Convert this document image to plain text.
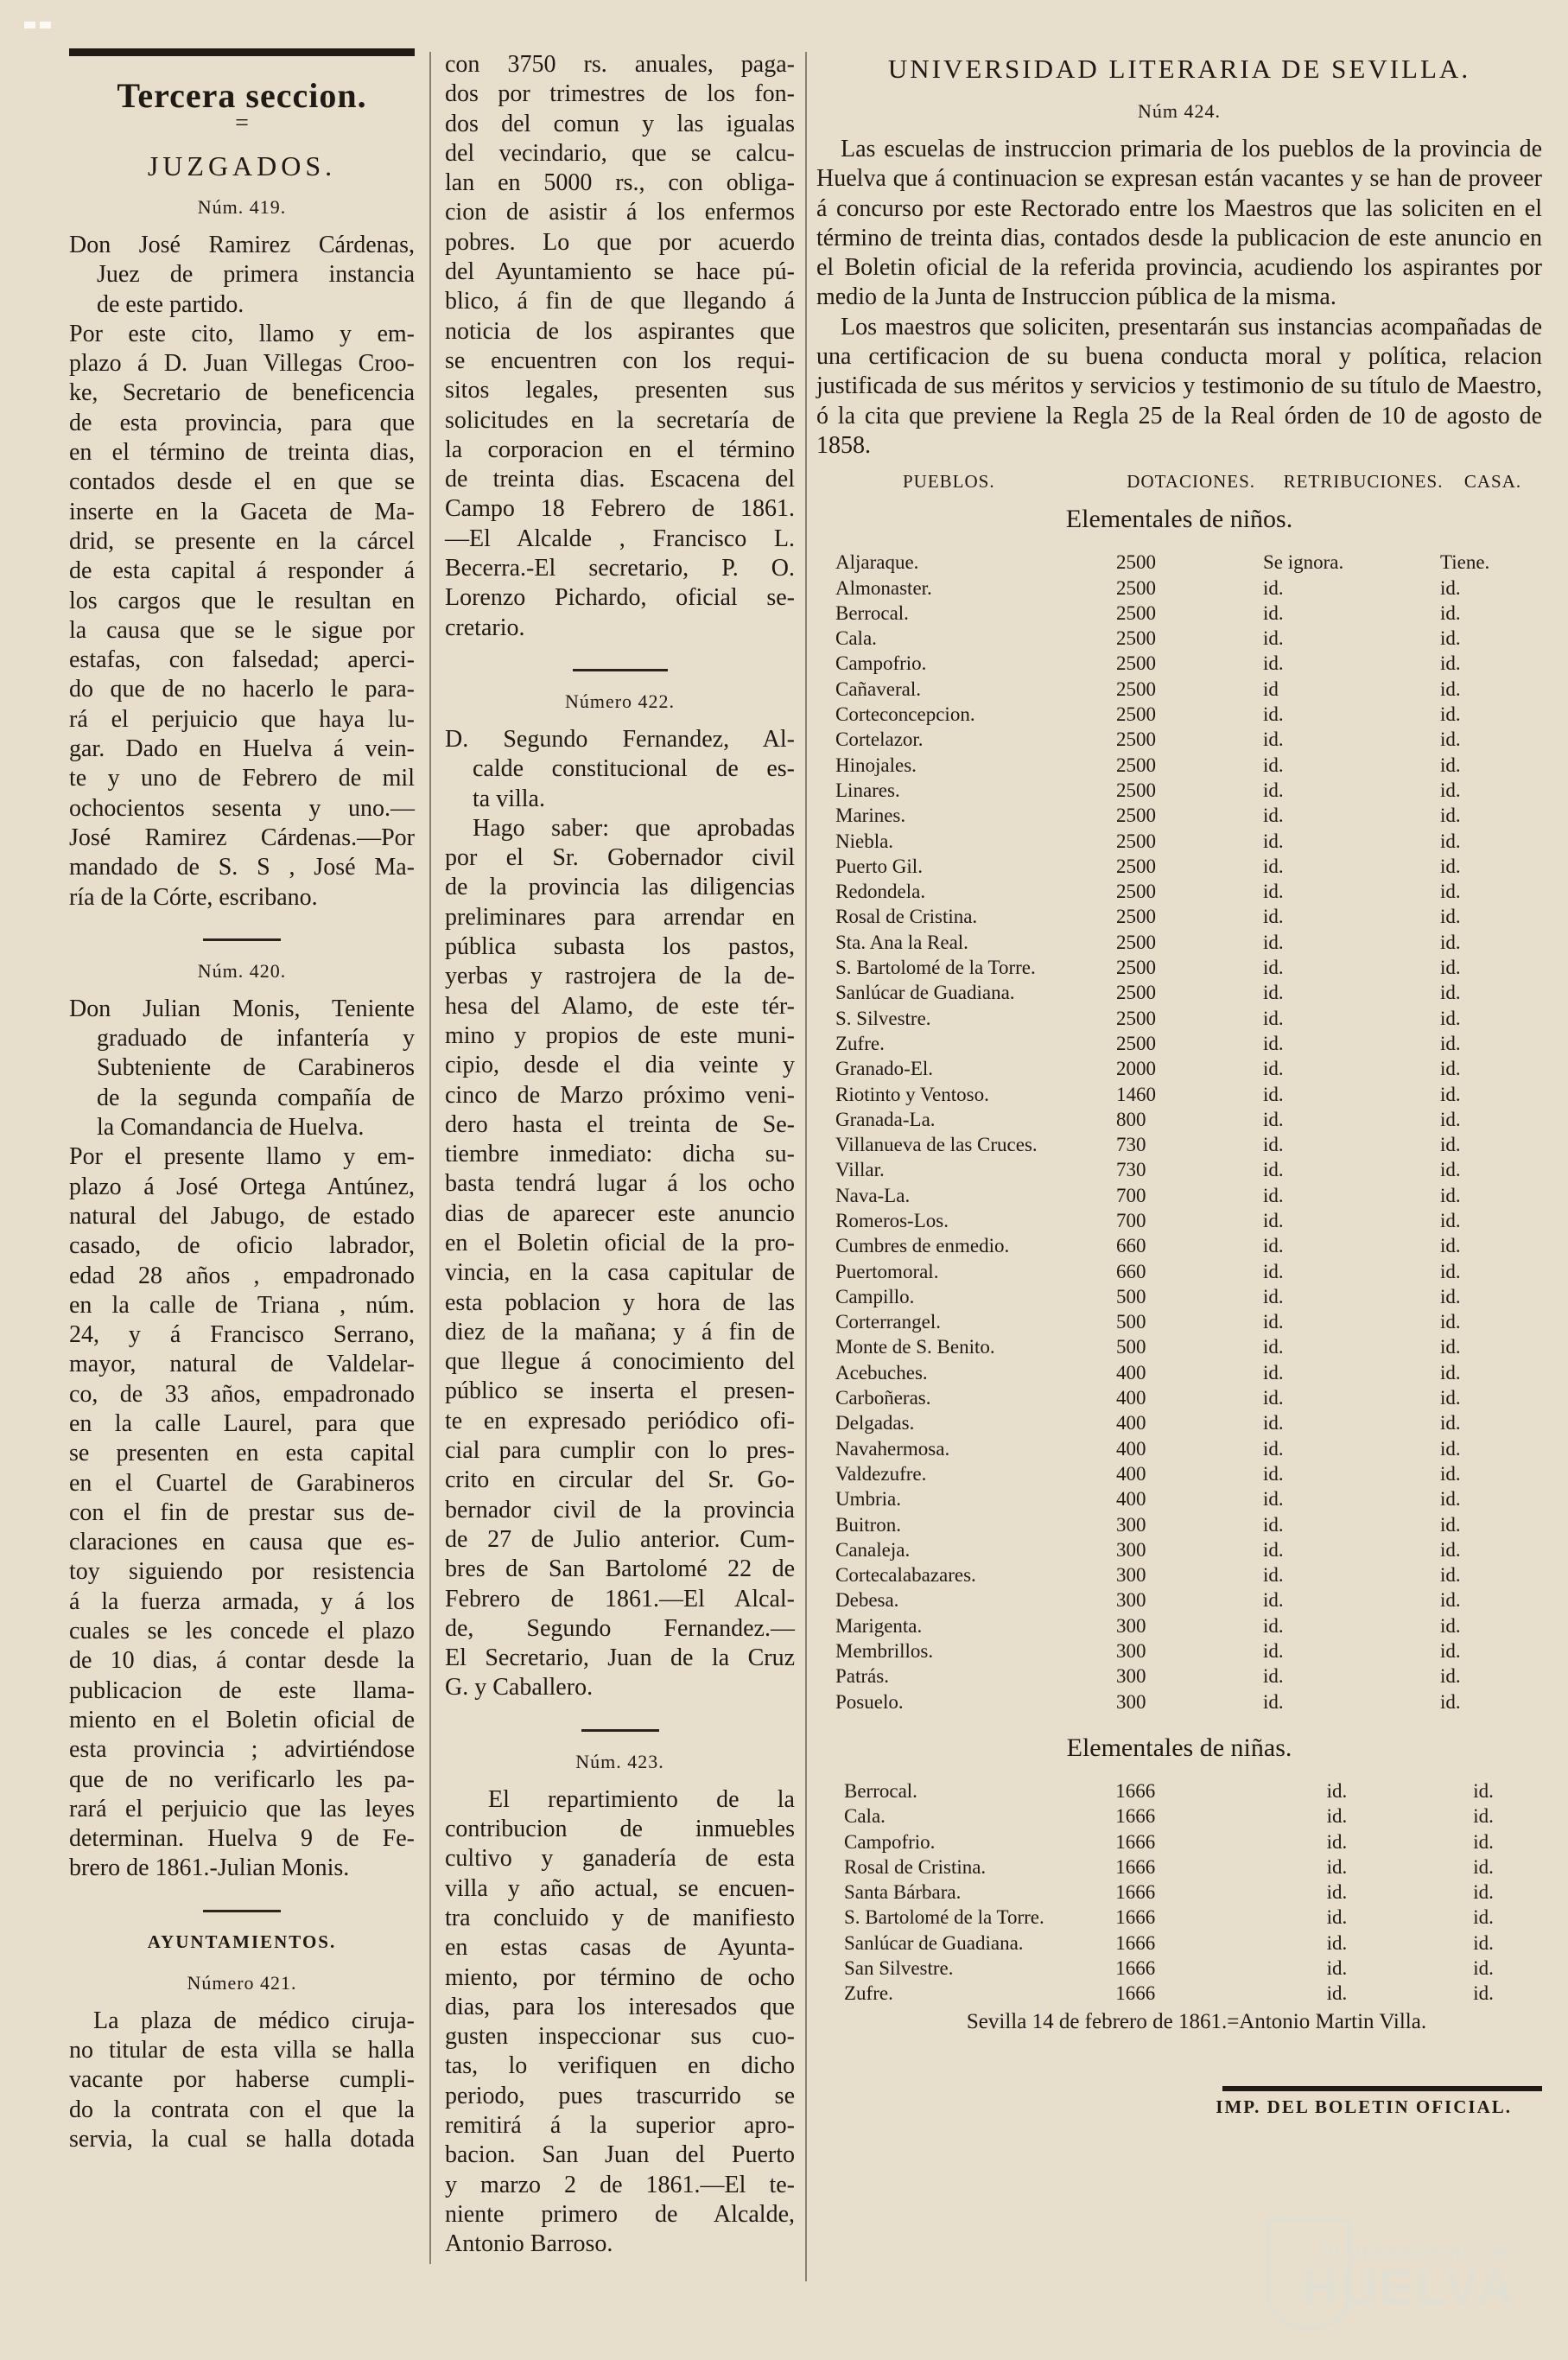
Tercera seccion.
=
JUZGADOS.
Núm. 419.

Don José Ramirez Cárdenas,

Juez de primera instancia

de este partido.

Por este cito, llamo y em-

plazo á D. Juan Villegas Croo-

ke, Secretario de beneficencia

de esta provincia, para que

en el término de treinta dias,

contados desde el en que se

inserte en la Gaceta de Ma-

drid, se presente en la cárcel

de esta capital á responder á

los cargos que le resultan en

la causa que se le sigue por

estafas, con falsedad; aperci-

do que de no hacerlo le para-

rá el perjuicio que haya lu-

gar. Dado en Huelva á vein-

te y uno de Febrero de mil

ochocientos sesenta y uno.—

José Ramirez Cárdenas.—Por

mandado de S. S , José Ma-

ría de la Córte, escribano.

Núm. 420.

Don Julian Monis, Teniente

graduado de infantería y

Subteniente de Carabineros

de la segunda compañía de

la Comandancia de Huelva.

Por el presente llamo y em-

plazo á José Ortega Antúnez,

natural del Jabugo, de estado

casado, de oficio labrador,

edad 28 años , empadronado

en la calle de Triana , núm.

24, y á Francisco Serrano,

mayor, natural de Valdelar-

co, de 33 años, empadronado

en la calle Laurel, para que

se presenten en esta capital

en el Cuartel de Garabineros

con el fin de prestar sus de-

claraciones en causa que es-

toy siguiendo por resistencia

á la fuerza armada, y á los

cuales se les concede el plazo

de 10 dias, á contar desde la

publicacion de este llama-

miento en el Boletin oficial de

esta provincia ; advirtiéndose

que de no verificarlo les pa-

rará el perjuicio que las leyes

determinan. Huelva 9 de Fe-

brero de 1861.-Julian Monis.

AYUNTAMIENTOS.
Número 421.

La plaza de médico ciruja-

no titular de esta villa se halla

vacante por haberse cumpli-

do la contrata con el que la

servia, la cual se halla dotada

con 3750 rs. anuales, paga-

dos por trimestres de los fon-

dos del comun y las igualas

del vecindario, que se calcu-

lan en 5000 rs., con obliga-

cion de asistir á los enfermos

pobres. Lo que por acuerdo

del Ayuntamiento se hace pú-

blico, á fin de que llegando á

noticia de los aspirantes que

se encuentren con los requi-

sitos legales, presenten sus

solicitudes en la secretaría de

la corporacion en el término

de treinta dias. Escacena del

Campo 18 Febrero de 1861.

—El Alcalde , Francisco L.

Becerra.-El secretario, P. O.

Lorenzo Pichardo, oficial se-

cretario.

Número 422.

D. Segundo Fernandez, Al-

calde constitucional de es-

ta villa.

Hago saber: que aprobadas

por el Sr. Gobernador civil

de la provincia las diligencias

preliminares para arrendar en

pública subasta los pastos,

yerbas y rastrojera de la de-

hesa del Alamo, de este tér-

mino y propios de este muni-

cipio, desde el dia veinte y

cinco de Marzo próximo veni-

dero hasta el treinta de Se-

tiembre inmediato: dicha su-

basta tendrá lugar á los ocho

dias de aparecer este anuncio

en el Boletin oficial de la pro-

vincia, en la casa capitular de

esta poblacion y hora de las

diez de la mañana; y á fin de

que llegue á conocimiento del

público se inserta el presen-

te en expresado periódico ofi-

cial para cumplir con lo pres-

crito en circular del Sr. Go-

bernador civil de la provincia

de 27 de Julio anterior. Cum-

bres de San Bartolomé 22 de

Febrero de 1861.—El Alcal-

de, Segundo Fernandez.—

El Secretario, Juan de la Cruz

G. y Caballero.

Núm. 423.

El repartimiento de la

contribucion de inmuebles

cultivo y ganadería de esta

villa y año actual, se encuen-

tra concluido y de manifiesto

en estas casas de Ayunta-

miento, por término de ocho

dias, para los interesados que

gusten inspeccionar sus cuo-

tas, lo verifiquen en dicho

periodo, pues trascurrido se

remitirá á la superior apro-

bacion. San Juan del Puerto

y marzo 2 de 1861.—El te-

niente primero de Alcalde,

Antonio Barroso.

UNIVERSIDAD LITERARIA DE SEVILLA.
Núm 424.

Las escuelas de instruccion primaria de los pueblos de la provincia de Huelva que á continuacion se expresan están vacantes y se han de proveer á concurso por este Rectorado entre los Maestros que las soliciten en el término de treinta dias, contados desde la publicacion de este anuncio en el Boletin oficial de la referida provincia, acudiendo los aspirantes por medio de la Junta de Instruccion pública de la misma.

Los maestros que soliciten, presentarán sus instancias acompañadas de una certificacion de su buena conducta moral y política, relacion justificada de sus méritos y servicios y testimonio de su título de Maestro, ó la cita que previene la Regla 25 de la Real órden de 10 de agosto de 1858.

PUEBLOS.	DOTACIONES.	RETRIBUCIONES.	CASA.
Elementales de niños.
Aljaraque.	2500	Se ignora.	Tiene.
Almonaster.	2500	id.	id.
Berrocal.	2500	id.	id.
Cala.	2500	id.	id.
Campofrio.	2500	id.	id.
Cañaveral.	2500	id	id.
Corteconcepcion.	2500	id.	id.
Cortelazor.	2500	id.	id.
Hinojales.	2500	id.	id.
Linares.	2500	id.	id.
Marines.	2500	id.	id.
Niebla.	2500	id.	id.
Puerto Gil.	2500	id.	id.
Redondela.	2500	id.	id.
Rosal de Cristina.	2500	id.	id.
Sta. Ana la Real.	2500	id.	id.
S. Bartolomé de la Torre.	2500	id.	id.
Sanlúcar de Guadiana.	2500	id.	id.
S. Silvestre.	2500	id.	id.
Zufre.	2500	id.	id.
Granado-El.	2000	id.	id.
Riotinto y Ventoso.	1460	id.	id.
Granada-La.	800	id.	id.
Villanueva de las Cruces.	730	id.	id.
Villar.	730	id.	id.
Nava-La.	700	id.	id.
Romeros-Los.	700	id.	id.
Cumbres de enmedio.	660	id.	id.
Puertomoral.	660	id.	id.
Campillo.	500	id.	id.
Corterrangel.	500	id.	id.
Monte de S. Benito.	500	id.	id.
Acebuches.	400	id.	id.
Carboñeras.	400	id.	id.
Delgadas.	400	id.	id.
Navahermosa.	400	id.	id.
Valdezufre.	400	id.	id.
Umbria.	400	id.	id.
Buitron.	300	id.	id.
Canaleja.	300	id.	id.
Cortecalabazares.	300	id.	id.
Debesa.	300	id.	id.
Marigenta.	300	id.	id.
Membrillos.	300	id.	id.
Patrás.	300	id.	id.
Posuelo.	300	id.	id.
Elementales de niñas.
Berrocal.	1666	id.	id.
Cala.	1666	id.	id.
Campofrio.	1666	id.	id.
Rosal de Cristina.	1666	id.	id.
Santa Bárbara.	1666	id.	id.
S. Bartolomé de la Torre.	1666	id.	id.
Sanlúcar de Guadiana.	1666	id.	id.
San Silvestre.	1666	id.	id.
Zufre.	1666	id.	id.
Sevilla 14 de febrero de 1861.=Antonio Martin Villa.
IMP. DEL BOLETIN OFICIAL.
Ayuntamiento de
HUELVA
